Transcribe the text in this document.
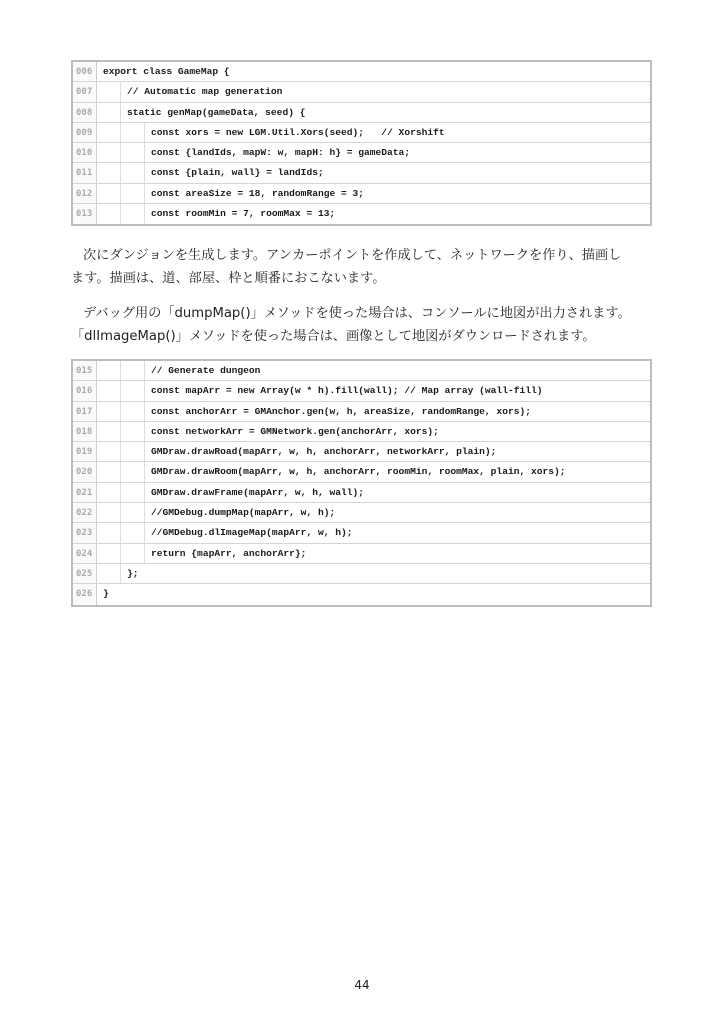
006	export class GameMap {
007	// Automatic map generation
008	static genMap(gameData, seed) {
009	const xors = new LGM.Util.Xors(seed);   // Xorshift
010	const {landIds, mapW: w, mapH: h} = gameData;
011	const {plain, wall} = landIds;
012	const areaSize = 18, randomRange = 3;
013	const roomMin = 7, roomMax = 13;

次にダンジョンを生成します。アンカーポイントを作成して、ネットワークを作り、描画し
ます。描画は、道、部屋、枠と順番におこないます。

デバッグ用の「dumpMap()」メソッドを使った場合は、コンソールに地図が出力されます。
「dlImageMap()」メソッドを使った場合は、画像として地図がダウンロードされます。

015	// Generate dungeon
016	const mapArr = new Array(w * h).fill(wall); // Map array (wall-fill)
017	const anchorArr = GMAnchor.gen(w, h, areaSize, randomRange, xors);
018	const networkArr = GMNetwork.gen(anchorArr, xors);
019	GMDraw.drawRoad(mapArr, w, h, anchorArr, networkArr, plain);
020	GMDraw.drawRoom(mapArr, w, h, anchorArr, roomMin, roomMax, plain, xors);
021	GMDraw.drawFrame(mapArr, w, h, wall);
022	//GMDebug.dumpMap(mapArr, w, h);
023	//GMDebug.dlImageMap(mapArr, w, h);
024	return {mapArr, anchorArr};
025	};
026	}
44
